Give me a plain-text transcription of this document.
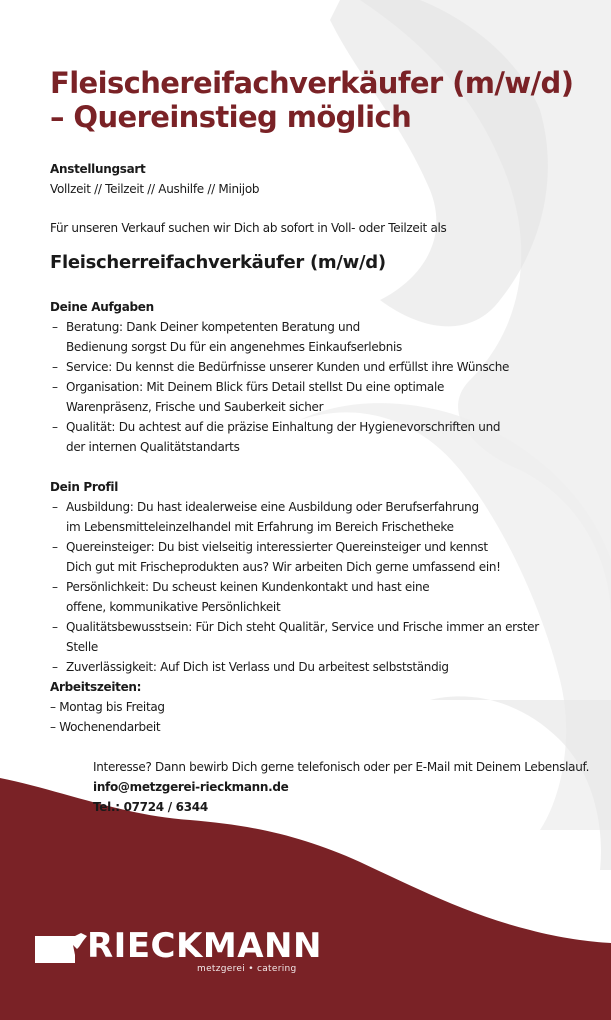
Fleischereifachverkäufer (m/w/d) – Quereinstieg möglich
Anstellungsart
Vollzeit // Teilzeit // Aushilfe // Minijob
Für unseren Verkauf suchen wir Dich ab sofort in Voll- oder Teilzeit als
Fleischerreifachverkäufer (m/w/d)
Deine Aufgaben
– Beratung: Dank Deiner kompetenten Beratung und Bedienung sorgst Du für ein angenehmes Einkaufserlebnis
– Service: Du kennst die Bedürfnisse unserer Kunden und erfüllst ihre Wünsche
– Organisation: Mit Deinem Blick fürs Detail stellst Du eine optimale Warenpräsenz, Frische und Sauberkeit sicher
– Qualität: Du achtest auf die präzise Einhaltung der Hygienevorschriften und der internen Qualitätstandarts
Dein Profil
– Ausbildung: Du hast idealerweise eine Ausbildung oder Berufserfahrung im Lebensmitteleinzelhandel mit Erfahrung im Bereich Frischetheke
– Quereinsteiger: Du bist vielseitig interessierter Quereinsteiger und kennst Dich gut mit Frischeprodukten aus? Wir arbeiten Dich gerne umfassend ein!
– Persönlichkeit: Du scheust keinen Kundenkontakt und hast eine offene, kommunikative Persönlichkeit
– Qualitätsbewusstsein: Für Dich steht Qualitär, Service und Frische immer an erster Stelle
– Zuverlässigkeit: Auf Dich ist Verlass und Du arbeitest selbstständig
Arbeitszeiten:
– Montag bis Freitag
– Wochenendarbeit
Interesse? Dann bewirb Dich gerne telefonisch oder per E-Mail mit Deinem Lebenslauf.
info@metzgerei-rieckmann.de
Tel.: 07724 / 6344
RIECKMANN
metzgerei • catering
